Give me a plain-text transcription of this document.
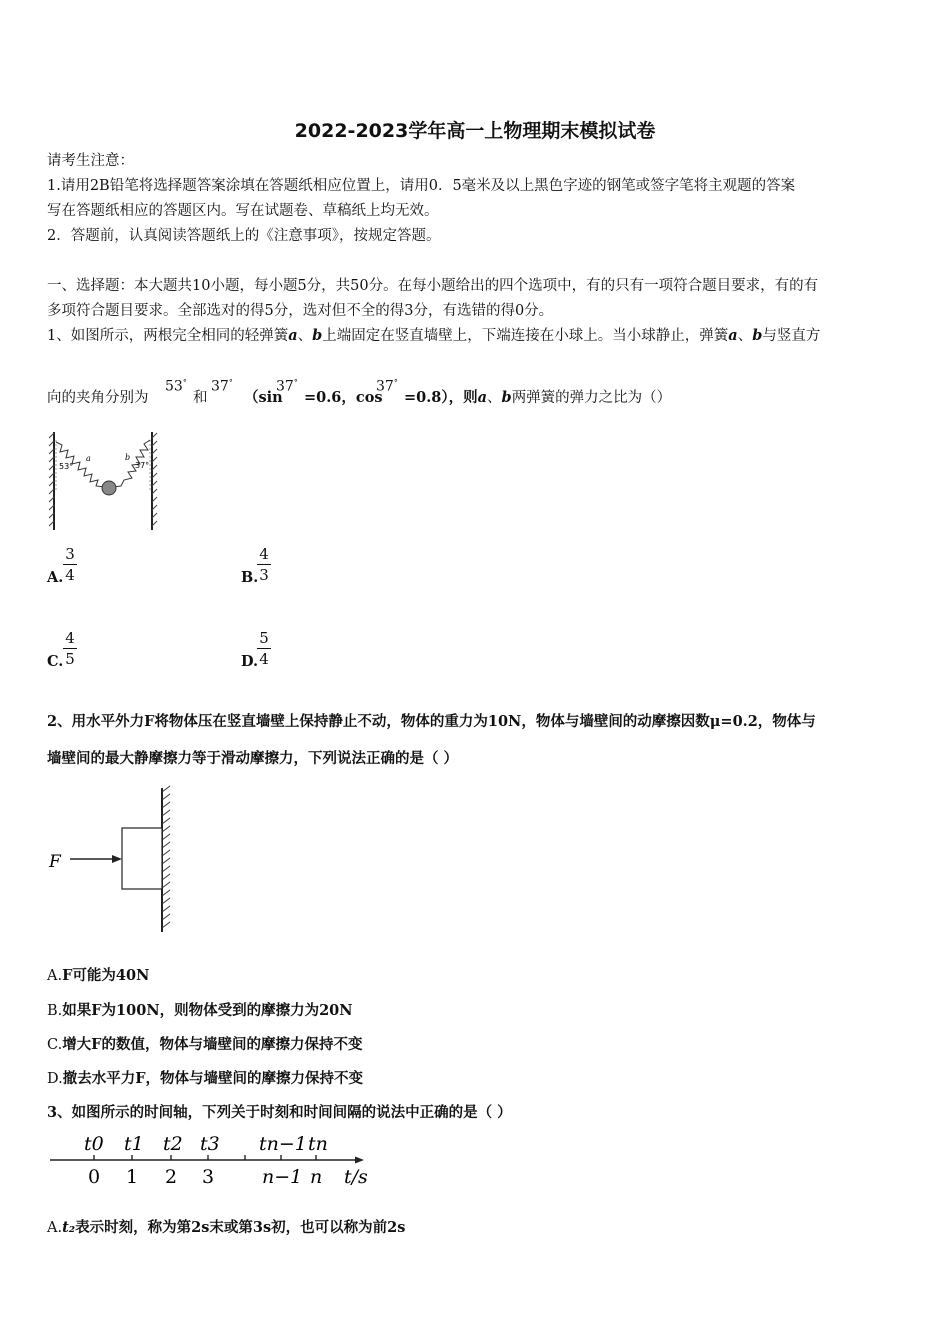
2022-2023学年高一上物理期末模拟试卷
请考生注意：
1.请用2B铅笔将选择题答案涂填在答题纸相应位置上，请用0．5毫米及以上黑色字迹的钢笔或签字笔将主观题的答案
写在答题纸相应的答题区内。写在试题卷、草稿纸上均无效。
2．答题前，认真阅读答题纸上的《注意事项》，按规定答题。
一、选择题：本大题共10小题，每小题5分，共50分。在每小题给出的四个选项中，有的只有一项符合题目要求，有的有
多项符合题目要求。全部选对的得5分，选对但不全的得3分，有选错的得0分。
1、如图所示，两根完全相同的轻弹簧a、b上端固定在竖直墙壁上，下端连接在小球上。当小球静止，弹簧a、b与竖直方
向的夹角分别为
53°
和
37°
（sin
37°
=0.6，cos
37°
=0.8），则a、b两弹簧的弹力之比为（）
53°
a	b
37°
A.
3
4	B.
4
3
C.
4
5	D.
5
4
2、用水平外力F将物体压在竖直墙壁上保持静止不动，物体的重力为10N，物体与墙壁间的动摩擦因数μ=0.2，物体与
墙壁间的最大静摩擦力等于滑动摩擦力，下列说法正确的是（ ）
F
A.F可能为40N
B.如果F为100N，则物体受到的摩擦力为20N
C.增大F的数值，物体与墙壁间的摩擦力保持不变
D.撤去水平力F，物体与墙壁间的摩擦力保持不变
3、如图所示的时间轴，下列关于时刻和时间间隔的说法中正确的是（ ）
t0 t1 t2 t3 tn−1 tn
0 1 2 3	n−1 n t/s
A.t₂表示时刻，称为第2s末或第3s初，也可以称为前2s
